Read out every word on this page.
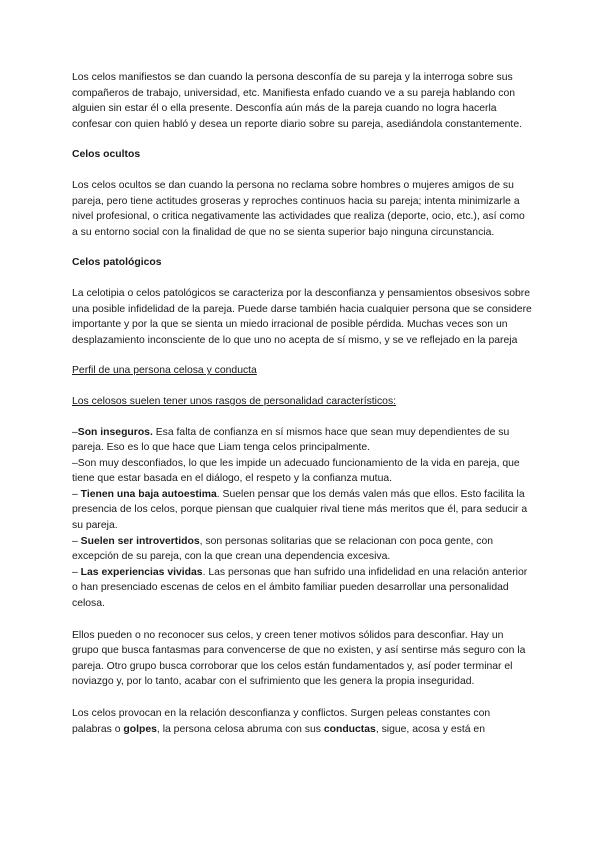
Los celos manifiestos se dan cuando la persona desconfía de su pareja y la interroga sobre sus compañeros de trabajo, universidad, etc. Manifiesta enfado cuando ve a su pareja hablando con alguien sin estar él o ella presente. Desconfía aún más de la pareja cuando no logra hacerla confesar con quien habló y desea un reporte diario sobre su pareja, asediándola constantemente.

Celos ocultos

Los celos ocultos se dan cuando la persona no reclama sobre hombres o mujeres amigos de su pareja, pero tiene actitudes groseras y reproches continuos hacia su pareja; intenta minimizarle a nivel profesional, o critica negativamente las actividades que realiza (deporte, ocio, etc.), así como a su entorno social con la finalidad de que no se sienta superior bajo ninguna circunstancia.

Celos patológicos

La celotipia o celos patológicos se caracteriza por la desconfianza y pensamientos obsesivos sobre una posible infidelidad de la pareja. Puede darse también hacia cualquier persona que se considere importante y por la que se sienta un miedo irracional de posible pérdida. Muchas veces son un desplazamiento inconsciente de lo que uno no acepta de sí mismo, y se ve reflejado en la pareja

Perfil de una persona celosa y conducta

Los celosos suelen tener unos rasgos de personalidad característicos:

–Son inseguros. Esa falta de confianza en sí mismos hace que sean muy dependientes de su pareja. Eso es lo que hace que Liam tenga celos principalmente.

–Son muy desconfiados, lo que les impide un adecuado funcionamiento de la vida en pareja, que tiene que estar basada en el diálogo, el respeto y la confianza mutua.

– Tienen una baja autoestima. Suelen pensar que los demás valen más que ellos. Esto facilita la presencia de los celos, porque piensan que cualquier rival tiene más meritos que él, para seducir a su pareja.

– Suelen ser introvertidos, son personas solitarias que se relacionan con poca gente, con excepción de su pareja, con la que crean una dependencia excesiva.

– Las experiencias vividas. Las personas que han sufrido una infidelidad en una relación anterior o han presenciado escenas de celos en el ámbito familiar pueden desarrollar una personalidad celosa.

Ellos pueden o no reconocer sus celos, y creen tener motivos sólidos para desconfiar. Hay un grupo que busca fantasmas para convencerse de que no existen, y así sentirse más seguro con la pareja. Otro grupo busca corroborar que los celos están fundamentados y, así poder terminar el noviazgo y, por lo tanto, acabar con el sufrimiento que les genera la propia inseguridad.

Los celos provocan en la relación desconfianza y conflictos. Surgen peleas constantes con palabras o golpes, la persona celosa abruma con sus conductas, sigue, acosa y está en
